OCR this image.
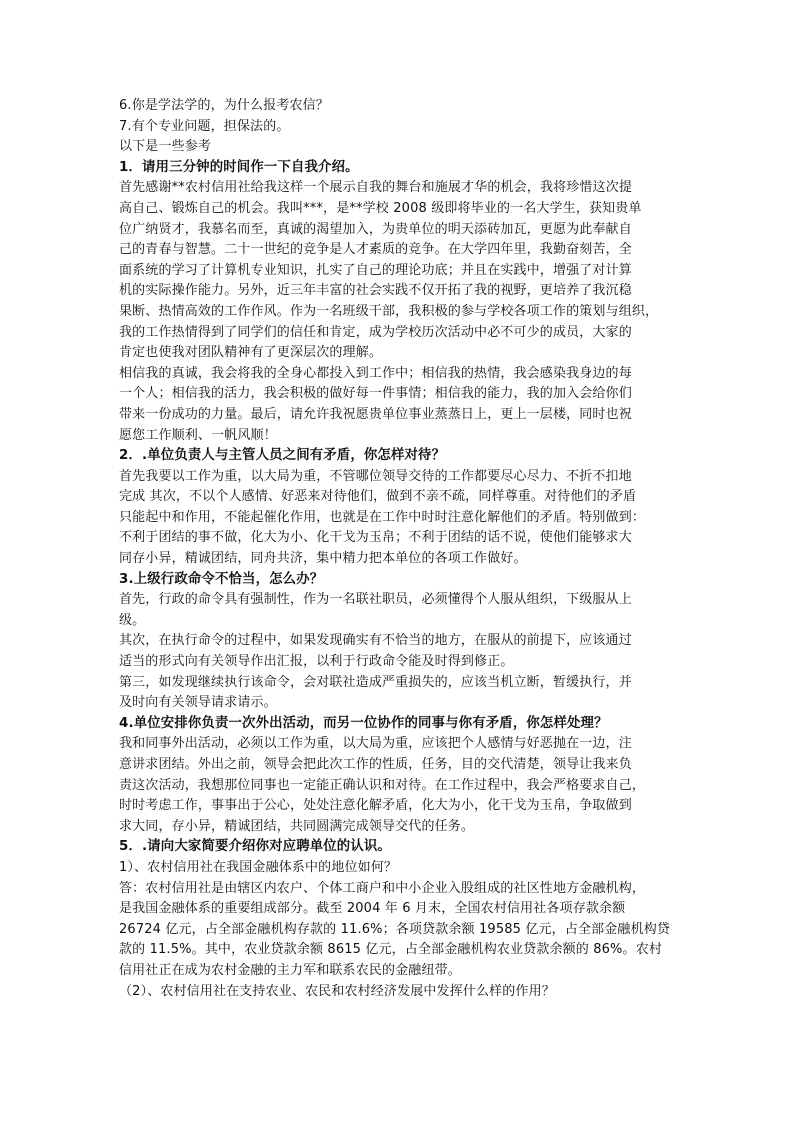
6.你是学法学的，为什么报考农信？
7.有个专业问题，担保法的。
以下是一些参考
1．请用三分钟的时间作一下自我介绍。
首先感谢**农村信用社给我这样一个展示自我的舞台和施展才华的机会，我将珍惜这次提
高自己、锻炼自己的机会。我叫***，是**学校 2008 级即将毕业的一名大学生，获知贵单
位广纳贤才，我慕名而至，真诚的渴望加入，为贵单位的明天添砖加瓦，更愿为此奉献自
己的青春与智慧。二十一世纪的竞争是人才素质的竞争。在大学四年里，我勤奋刻苦，全
面系统的学习了计算机专业知识，扎实了自己的理论功底；并且在实践中，增强了对计算
机的实际操作能力。另外，近三年丰富的社会实践不仅开拓了我的视野，更培养了我沉稳
果断、热情高效的工作作风。作为一名班级干部，我积极的参与学校各项工作的策划与组织，
我的工作热情得到了同学们的信任和肯定，成为学校历次活动中必不可少的成员，大家的
肯定也使我对团队精神有了更深层次的理解。
相信我的真诚，我会将我的全身心都投入到工作中；相信我的热情，我会感染我身边的每
一个人；相信我的活力，我会积极的做好每一件事情；相信我的能力，我的加入会给你们
带来一份成功的力量。最后，请允许我祝愿贵单位事业蒸蒸日上，更上一层楼，同时也祝
愿您工作顺利、一帆风顺！
2．.单位负责人与主管人员之间有矛盾，你怎样对待？
首先我要以工作为重，以大局为重，不管哪位领导交待的工作都要尽心尽力、不折不扣地
完成 其次，不以个人感情、好恶来对待他们，做到不亲不疏，同样尊重。对待他们的矛盾
只能起中和作用，不能起催化作用，也就是在工作中时时注意化解他们的矛盾。特别做到：
不利于团结的事不做，化大为小、化干戈为玉帛；不利于团结的话不说，使他们能够求大
同存小异，精诚团结，同舟共济，集中精力把本单位的各项工作做好。
3.上级行政命令不恰当，怎么办？
首先，行政的命令具有强制性，作为一名联社职员，必须懂得个人服从组织，下级服从上
级。
其次，在执行命令的过程中，如果发现确实有不恰当的地方，在服从的前提下，应该通过
适当的形式向有关领导作出汇报，以利于行政命令能及时得到修正。
第三，如发现继续执行该命令，会对联社造成严重损失的，应该当机立断，暂缓执行，并
及时向有关领导请求请示。
4.单位安排你负责一次外出活动，而另一位协作的同事与你有矛盾，你怎样处理？
我和同事外出活动，必须以工作为重，以大局为重，应该把个人感情与好恶抛在一边，注
意讲求团结。外出之前，领导会把此次工作的性质，任务，目的交代清楚，领导让我来负
责这次活动，我想那位同事也一定能正确认识和对待。在工作过程中，我会严格要求自己，
时时考虑工作，事事出于公心，处处注意化解矛盾，化大为小，化干戈为玉帛，争取做到
求大同，存小异，精诚团结，共同圆满完成领导交代的任务。
5．.请向大家简要介绍你对应聘单位的认识。
1）、农村信用社在我国金融体系中的地位如何？
答：农村信用社是由辖区内农户、个体工商户和中小企业入股组成的社区性地方金融机构，
是我国金融体系的重要组成部分。截至 2004 年 6 月末，全国农村信用社各项存款余额
26724 亿元，占全部金融机构存款的 11.6%；各项贷款余额 19585 亿元，占全部金融机构贷
款的 11.5%。其中，农业贷款余额 8615 亿元，占全部金融机构农业贷款余额的 86%。农村
信用社正在成为农村金融的主力军和联系农民的金融纽带。
（2）、农村信用社在支持农业、农民和农村经济发展中发挥什么样的作用？
